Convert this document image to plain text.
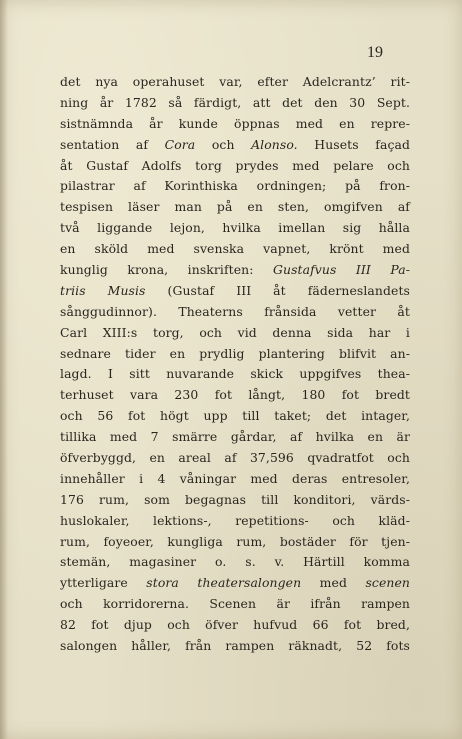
19
det nya operahuset var, efter Adelcrantz’ rit-
ning år 1782 så färdigt, att det den 30 Sept.
sistnämnda år kunde öppnas med en repre-
sentation af Cora och Alonso. Husets façad
åt Gustaf Adolfs torg prydes med pelare och
pilastrar af Korinthiska ordningen; på fron-
tespisen läser man på en sten, omgifven af
två liggande lejon, hvilka imellan sig hålla
en sköld med svenska vapnet, krönt med
kunglig krona, inskriften: Gustafvus III Pa-
triis Musis (Gustaf III åt fäderneslandets
sånggudinnor). Theaterns frånsida vetter åt
Carl XIII:s torg, och vid denna sida har i
sednare tider en prydlig plantering blifvit an-
lagd. I sitt nuvarande skick uppgifves thea-
terhuset vara 230 fot långt, 180 fot bredt
och 56 fot högt upp till taket; det intager,
tillika med 7 smärre gårdar, af hvilka en är
öfverbyggd, en areal af 37,596 qvadratfot och
innehåller i 4 våningar med deras entresoler,
176 rum, som begagnas till konditori, värds-
huslokaler, lektions-, repetitions- och kläd-
rum, foyeoer, kungliga rum, bostäder för tjen-
stemän, magasiner o. s. v. Härtill komma
ytterligare stora theatersalongen med scenen
och korridorerna. Scenen är ifrån rampen
82 fot djup och öfver hufvud 66 fot bred,
salongen håller, från rampen räknadt, 52 fots
